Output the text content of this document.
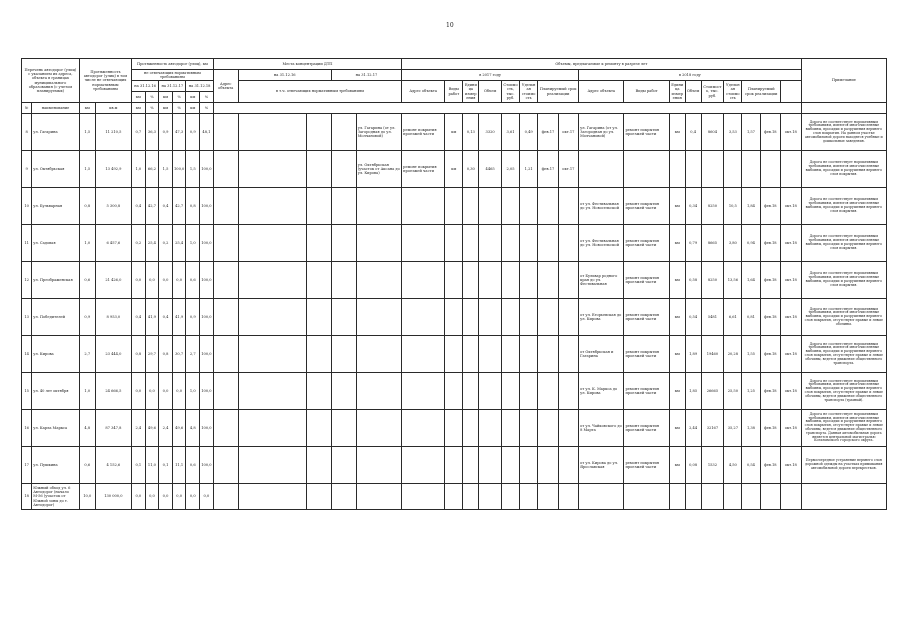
10
Перечень автодорог (улиц) с указанием их адреса, объекта в границах муниципального образования (с учетом планируемых)		Протяженность автодорог (улиц) в том числе не отвечающих нормативным требованиям		Протяженность автодорог (улиц), км						Места концентрации ДТП					Объемы, предлагаемые к ремонту в разрезе лет																	Примечание
				не отвечающих нормативным требованиям						Адрес объекта	на 31.12.16		на 31.12.17		в 2017 году								в 2018 году									
				на 31.12.16		на 31.12.17		на 31.12.18			в т.ч. отвечающих нормативным требованиям				Адрес объекта	Виды работ	Единица измерения	Объем	Стоимость, тыс. руб.	Удельная стоимость	Планируемый срок реализации		Адрес объекта	Виды работ	Единица измерения	Объем	Стоимость, тыс. руб.	Удельная стоимость	Планируемый срок реализации			
				км	%	км	%	км	%																							
№	наименование	км	кв.м	км	%	км	%	км	%																							
8	ул. Гагарина	1,5	11 210,5	0,7	36,3	0,9	47,3	0,9	48,1					ул. Гагарина (от ул. Загородная до ул. Молчановой)	ремонт покрытия проезжей части	км	0,13	3320	3,61	0,49	фев.17	окт.17	ул. Гагарина (от ул. Загородная до ул. Молчановой)	ремонт покрытия проезжей части	км	0,4	8604	3,53	1,57	фев.18	окт.18	Дорога не соответствует нормативным требованиям, имеются многочисленные выбоины, просадки и разрушения верхнего слоя покрытия. На данном участке автомобильной дороги находятся учебные и дошкольные заведения.
9	ул. Октябрьская	1,5	13 492,9	1,0	66,2	1,5	100,0	1,5	100,0					ул. Октябрьская (участок от Аксана до ул. Кирова)	ремонт покрытия проезжей части	км	0,30	4465	2,05	1,21	фев.17	окт.17										Дорога не соответствует нормативным требованиям, имеются многочисленные выбоины, просадки и разрушения верхнего слоя покрытия.
10	ул. Бульварная	0,8	5 300,8	0,4	42,7	0,4	42,7	0,8	100,0														от ул. Фестивальная до ул. Новосельской	ремонт покрытия проезжей части	км	0,34	8250	10,5	1,84	фев.18	окт.18	Дорога не соответствует нормативным требованиям, имеются многочисленные выбоины, просадки и разрушения верхнего слоя покрытия.
11	ул. Садовая	1,0	6 457,6	0,2	25,4	0,2	25,4	1,0	100,0														от ул. Фестивальная до ул. Новосельской	ремонт покрытия проезжей части	км	0,79	8665	3,80	0,94	фев.18	окт.18	Дорога не соответствует нормативным требованиям, имеются многочисленные выбоины, просадки и разрушения верхнего слоя покрытия.
12	ул. Преображенская	0,6	21 426,0	0,0	0,0	0,0	0,0	0,6	100,0														от Бульвар родного края до ул. Фестивальная	ремонт покрытия проезжей части	км	0,58	8250	13,56	1,64	фев.18	окт.18	Дорога не соответствует нормативным требованиям, имеются многочисленные выбоины, просадки и разрушения верхнего слоя покрытия.
13	ул. Победителей	0,9	8 953,0	0,4	41,9	0,4	41,9	0,9	100,0														от ул. Егорьевская до ул. Кирова	ремонт покрытия проезжей части	км	0,54	5481	6,61	0,81	фев.18	окт.18	Дорога не соответствует нормативным требованиям, имеются многочисленные выбоины, просадки и разрушения верхнего слоя покрытия, отсутствуют правые и левые обочины.
14	ул. Кирова	2,7	23 444,0	0,8	29,7	0,8	30,7	2,7	100,0														от Октябрьская и Гагарина	ремонт покрытия проезжей части	км	1,89	19460	20,28	1,55	фев.18	окт.18	Дорога не соответствует нормативным требованиям, имеются многочисленные выбоины, просадки и разрушения верхнего слоя покрытия, отсутствуют правые и левые обочины, ведется движение общественного транспорта.
15	ул. 40 лет октября	1,0	24 666,5	0,0	0,0	0,0	0,0	1,0	100,0														от ул. К. Маркса до ул. Кирова	ремонт покрытия проезжей части	км	1,85	26665	25,50	1,25	фев.18	окт.18	Дорога не соответствует нормативным требованиям, имеются многочисленные выбоины, просадки и разрушения верхнего слоя покрытия, отсутствуют правые и левые обочины, ведется движение общественного транспорта (трамвай).
16	ул. Карла Маркса	4,8	87 347,8	2,4	49,6	2,4	49,6	4,8	100,0														от ул. Чайковского до 8 Марта	ремонт покрытия проезжей части	км	2,44	32167	35,27	1,38	фев.18	окт.18	Дорога не соответствует нормативным требованиям, имеются многочисленные выбоины, просадки и разрушения верхнего слоя покрытия, отсутствуют правые и левые обочины, ведется движение общественного транспорта. Данная автомобильная дорога является центральной магистралью Когалымского городского округа.
17	ул. Пушкина	0,6	4 152,6	0,1	11,0	0,1	11,1	0,6	100,0														от ул. Кирова до ул. Ярославская	ремонт покрытия проезжей части	км	0,08	1532	4,50	0,54	фев.18	окт.18	Первоочередное устранение верхнего слоя дорожной одежды на участках примыкания автомобильной дороги перекрестков.
18	Южный обход ул. 6 Автодорог (начало М-56 (участок от Южной зоны до т. Автодорог)	10,0	130 000,0	0,0	0,0	0,0	0,0	0,0	0,0																							
